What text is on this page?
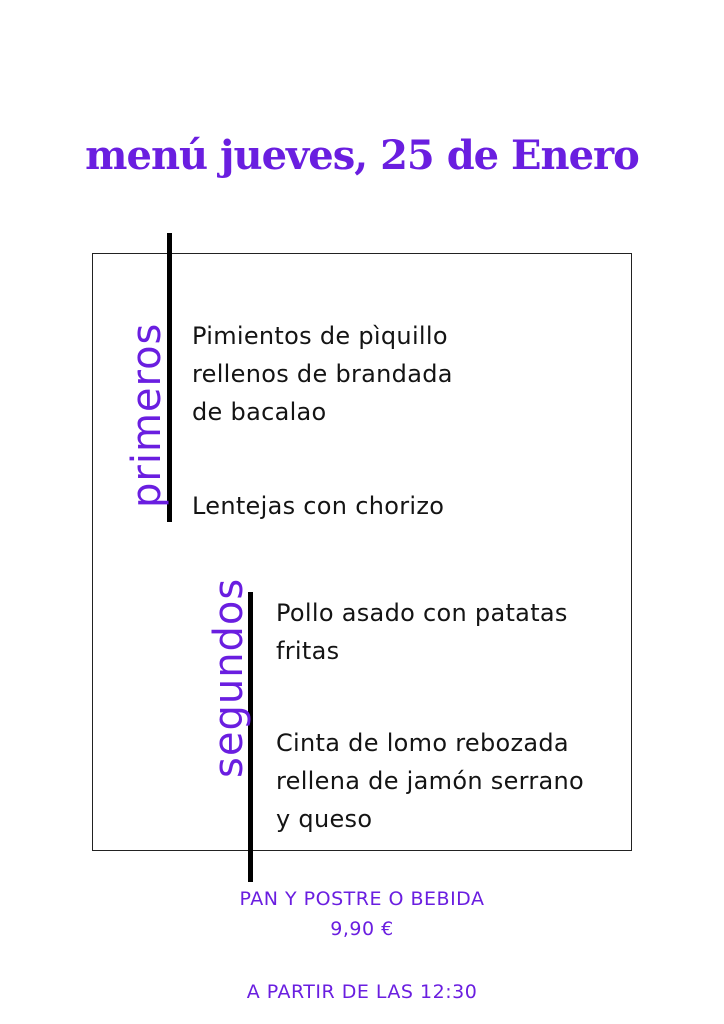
menú jueves, 25 de Enero
primeros
segundos
Pimientos de pìquillo
rellenos de brandada
de bacalao
Lentejas con chorizo
Pollo asado con patatas
fritas
Cinta de lomo rebozada
rellena de jamón serrano
y queso
PAN Y POSTRE O BEBIDA
9,90 €
A PARTIR DE LAS 12:30
